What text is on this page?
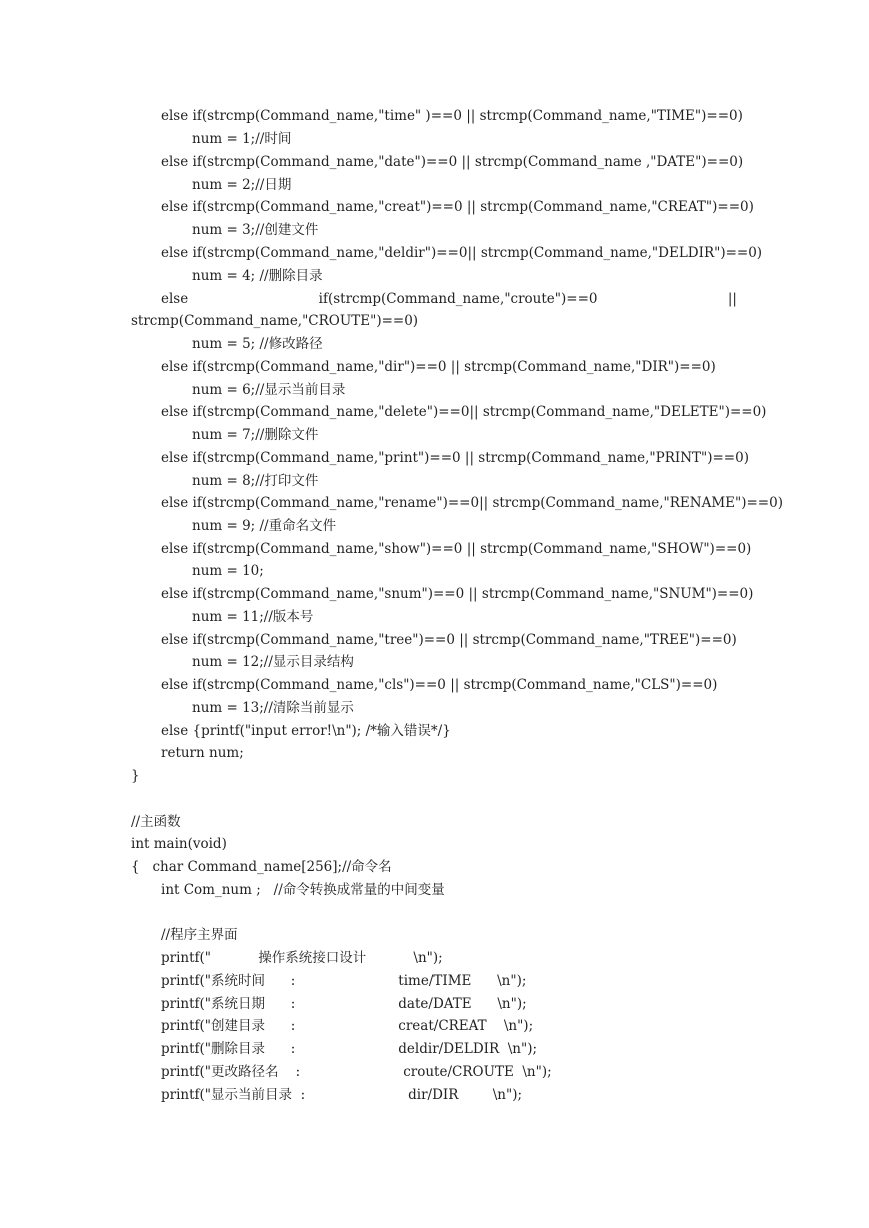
else if(strcmp(Command_name,"time" )==0 || strcmp(Command_name,"TIME")==0)
num = 1;//时间
else if(strcmp(Command_name,"date")==0 || strcmp(Command_name ,"DATE")==0)
num = 2;//日期
else if(strcmp(Command_name,"creat")==0 || strcmp(Command_name,"CREAT")==0)
num = 3;//创建文件
else if(strcmp(Command_name,"deldir")==0|| strcmp(Command_name,"DELDIR")==0)
num = 4; //删除目录
else	if(strcmp(Command_name,"croute")==0	||
strcmp(Command_name,"CROUTE")==0)
num = 5; //修改路径
else if(strcmp(Command_name,"dir")==0 || strcmp(Command_name,"DIR")==0)
num = 6;//显示当前目录
else if(strcmp(Command_name,"delete")==0|| strcmp(Command_name,"DELETE")==0)
num = 7;//删除文件
else if(strcmp(Command_name,"print")==0 || strcmp(Command_name,"PRINT")==0)
num = 8;//打印文件
else if(strcmp(Command_name,"rename")==0|| strcmp(Command_name,"RENAME")==0)
num = 9; //重命名文件
else if(strcmp(Command_name,"show")==0 || strcmp(Command_name,"SHOW")==0)
num = 10;
else if(strcmp(Command_name,"snum")==0 || strcmp(Command_name,"SNUM")==0)
num = 11;//版本号
else if(strcmp(Command_name,"tree")==0 || strcmp(Command_name,"TREE")==0)
num = 12;//显示目录结构
else if(strcmp(Command_name,"cls")==0 || strcmp(Command_name,"CLS")==0)
num = 13;//清除当前显示
else {printf("input error!\n"); /*输入错误*/}
return num;
}
//主函数
int main(void)
{   char Command_name[256];//命令名
int Com_num ;   //命令转换成常量的中间变量
//程序主界面
printf("           操作系统接口设计           \n");
printf("系统时间      :                        time/TIME      \n");
printf("系统日期      :                        date/DATE      \n");
printf("创建目录      :                        creat/CREAT    \n");
printf("删除目录      :                        deldir/DELDIR  \n");
printf("更改路径名    :                        croute/CROUTE  \n");
printf("显示当前目录  :                        dir/DIR        \n");
